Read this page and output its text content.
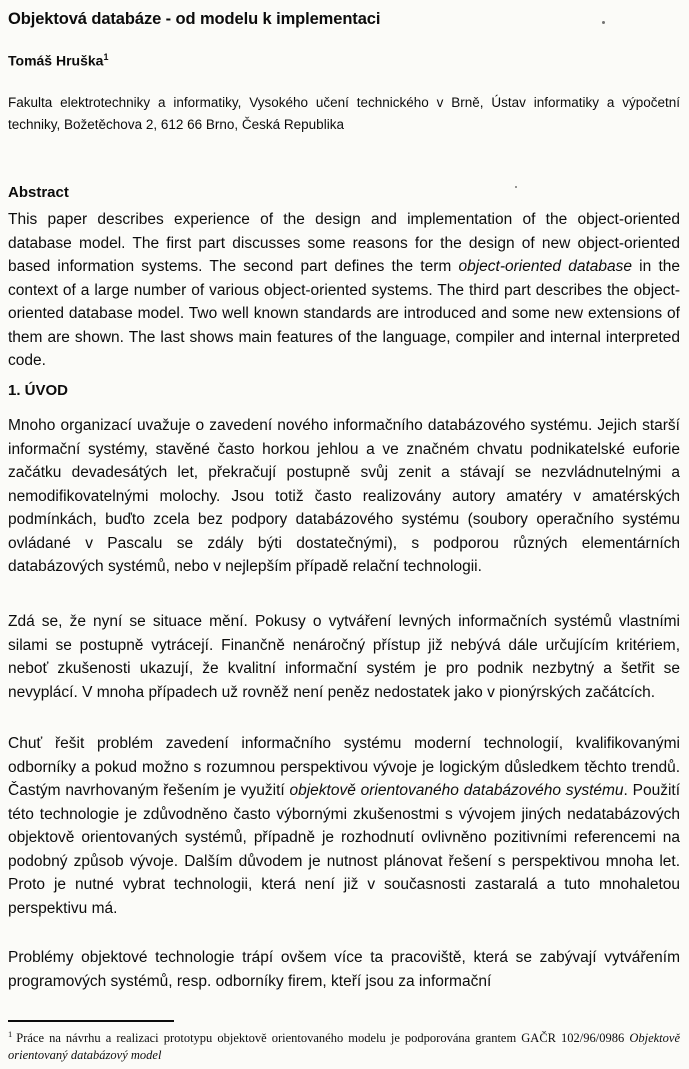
Objektová databáze - od modelu k implementaci
Tomáš Hruška$^1$

Fakulta elektrotechniky a informatiky, Vysokého učení technického v Brně, Ústav informatiky a výpočetní techniky, Božetěchova 2, 612 66 Brno, Česká Republika

Abstract

This paper describes experience of the design and implementation of the object-oriented database model. The first part discusses some reasons for the design of new object-oriented based information systems. The second part defines the term object-oriented database in the context of a large number of various object-oriented systems. The third part describes the object-oriented database model. Two well known standards are introduced and some new extensions of them are shown. The last shows main features of the language, compiler and internal interpreted code.

1. ÚVOD

Mnoho organizací uvažuje o zavedení nového informačního databázového systému. Jejich starší informační systémy, stavěné často horkou jehlou a ve značném chvatu podnikatelské euforie začátku devadesátých let, překračují postupně svůj zenit a stávají se nezvládnutelnými a nemodifikovatelnými molochy. Jsou totiž často realizovány autory amatéry v amatérských podmínkách, buďto zcela bez podpory databázového systému (soubory operačního systému ovládané v Pascalu se zdály býti dostatečnými), s podporou různých elementárních databázových systémů, nebo v nejlepším případě relační technologii.

Zdá se, že nyní se situace mění. Pokusy o vytváření levných informačních systémů vlastními silami se postupně vytrácejí. Finančně nenáročný přístup již nebývá dále určujícím kritériem, neboť zkušenosti ukazují, že kvalitní informační systém je pro podnik nezbytný a šetřit se nevyplácí. V mnoha případech už rovněž není peněz nedostatek jako v pionýrských začátcích.

Chuť řešit problém zavedení informačního systému moderní technologií, kvalifikovanými odborníky a pokud možno s rozumnou perspektivou vývoje je logickým důsledkem těchto trendů. Častým navrhovaným řešením je využití objektově orientovaného databázového systému. Použití této technologie je zdůvodněno často výbornými zkušenostmi s vývojem jiných nedatabázových objektově orientovaných systémů, případně je rozhodnutí ovlivněno pozitivními referencemi na podobný způsob vývoje. Dalším důvodem je nutnost plánovat řešení s perspektivou mnoha let. Proto je nutné vybrat technologii, která není již v současnosti zastaralá a tuto mnohaletou perspektivu má.

Problémy objektové technologie trápí ovšem více ta pracoviště, která se zabývají vytvářením programových systémů, resp. odborníky firem, kteří jsou za informační

$^1$ Práce na návrhu a realizaci prototypu objektově orientovaného modelu je podporována grantem GAČR 102/96/0986 Objektově orientovaný databázový model
